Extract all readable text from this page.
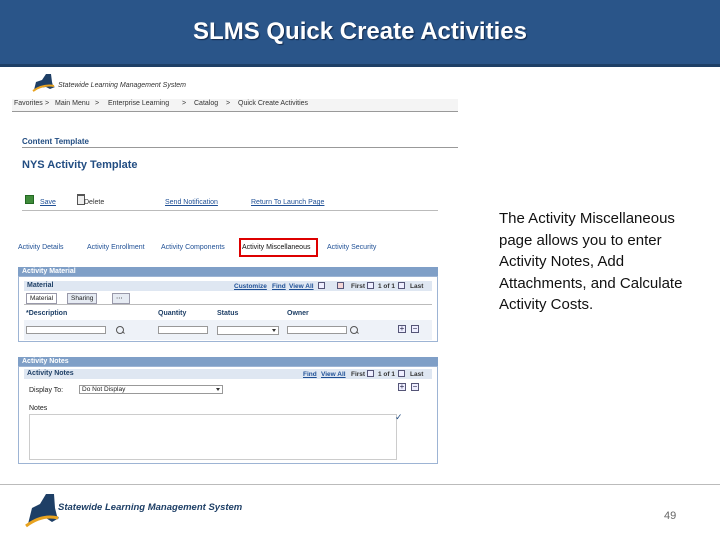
SLMS Quick Create Activities
Statewide Learning Management System
Favorites > Main Menu > Enterprise Learning > Catalog > Quick Create Activities
Content Template
NYS Activity Template
Save	Delete	Send Notification	Return To Launch Page
Activity Details	Activity Enrollment Activity Components Activity Miscellaneous Activity Security
Activity Material
Material	Customize Find View All	First 1 of 1 Last
Material	Sharing	⋯
*Description	Quantity	Status	Owner
+ −
Activity Notes
Activity Notes	Find View All First 1 of 1 Last
Display To:	Do Not Display	+ −
Notes
✓
The Activity Miscellaneous page allows you to enter Activity Notes, Add Attachments, and Calculate Activity Costs.
Statewide Learning Management System
49
